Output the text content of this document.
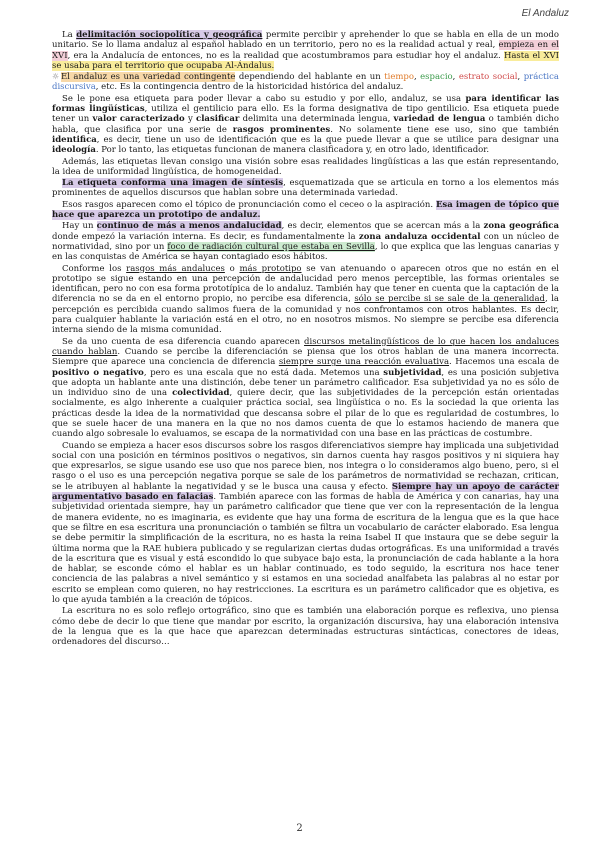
El Andaluz

La delimitación sociopolítica y geográfica permite percibir y aprehender lo que se habla en ella de un modo unitario. Se lo llama andaluz al español hablado en un territorio, pero no es la realidad actual y real, empieza en el XVI, era la Andalucía de entonces, no es la realidad que acostumbramos para estudiar hoy el andaluz. Hasta el XVI se usaba para el territorio que ocupaba Al-Ándalus.

☼ El andaluz es una variedad contingente dependiendo del hablante en un tiempo, espacio, estrato social, práctica discursiva, etc. Es la contingencia dentro de la historicidad histórica del andaluz.

Se le pone esa etiqueta para poder llevar a cabo su estudio y por ello, andaluz, se usa para identificar las formas lingüísticas, utiliza el gentilicio para ello. Es la forma designativa de tipo gentilicio. Esa etiqueta puede tener un valor caracterizado y clasificar delimita una determinada lengua, variedad de lengua o también dicho habla, que clasifica por una serie de rasgos prominentes. No solamente tiene ese uso, sino que también identifica, es decir, tiene un uso de identificación que es la que puede llevar a que se utilice para designar una ideología. Por lo tanto, las etiquetas funcionan de manera clasificadora y, en otro lado, identificador.

Además, las etiquetas llevan consigo una visión sobre esas realidades lingüísticas a las que están representando, la idea de uniformidad lingüística, de homogeneidad.

La etiqueta conforma una imagen de síntesis, esquematizada que se articula en torno a los elementos más prominentes de aquellos discursos que hablan sobre una determinada variedad.

Esos rasgos aparecen como el tópico de pronunciación como el ceceo o la aspiración. Esa imagen de tópico que hace que aparezca un prototipo de andaluz.

Hay un continuo de más a menos andalucidad, es decir, elementos que se acercan más a la zona geográfica donde empezó la variación interna. Es decir, es fundamentalmente la zona andaluza occidental con un núcleo de normatividad, sino por un foco de radiación cultural que estaba en Sevilla, lo que explica que las lenguas canarias y en las conquistas de América se hayan contagiado esos hábitos.

Conforme los rasgos más andaluces o más prototipo se van atenuando o aparecen otros que no están en el prototipo se sigue estando en una percepción de andalucidad pero menos perceptible, las formas orientales se identifican, pero no con esa forma prototípica de lo andaluz. También hay que tener en cuenta que la captación de la diferencia no se da en el entorno propio, no percibe esa diferencia, sólo se percibe si se sale de la generalidad, la percepción es percibida cuando salimos fuera de la comunidad y nos confrontamos con otros hablantes. Es decir, para cualquier hablante la variación está en el otro, no en nosotros mismos. No siempre se percibe esa diferencia interna siendo de la misma comunidad.

Se da uno cuenta de esa diferencia cuando aparecen discursos metalingüísticos de lo que hacen los andaluces cuando hablan. Cuando se percibe la diferenciación se piensa que los otros hablan de una manera incorrecta. Siempre que aparece una conciencia de diferencia siempre surge una reacción evaluativa. Hacemos una escala de positivo o negativo, pero es una escala que no está dada. Metemos una subjetividad, es una posición subjetiva que adopta un hablante ante una distinción, debe tener un parámetro calificador. Esa subjetividad ya no es sólo de un individuo sino de una colectividad, quiere decir, que las subjetividades de la percepción están orientadas socialmente, es algo inherente a cualquier práctica social, sea lingüística o no. Es la sociedad la que orienta las prácticas desde la idea de la normatividad que descansa sobre el pilar de lo que es regularidad de costumbres, lo que se suele hacer de una manera en la que no nos damos cuenta de que lo estamos haciendo de manera que cuando algo sobresale lo evaluamos, se escapa de la normatividad con una base en las prácticas de costumbre.

Cuando se empieza a hacer esos discursos sobre los rasgos diferenciativos siempre hay implicada una subjetividad social con una posición en términos positivos o negativos, sin darnos cuenta hay rasgos positivos y ni siquiera hay que expresarlos, se sigue usando ese uso que nos parece bien, nos integra o lo consideramos algo bueno, pero, si el rasgo o el uso es una percepción negativa porque se sale de los parámetros de normatividad se rechazan, critican, se le atribuyen al hablante la negatividad y se le busca una causa y efecto. Siempre hay un apoyo de carácter argumentativo basado en falacias. También aparece con las formas de habla de América y con canarias, hay una subjetividad orientada siempre, hay un parámetro calificador que tiene que ver con la representación de la lengua de manera evidente, no es imaginaria, es evidente que hay una forma de escritura de la lengua que es la que hace que se filtre en esa escritura una pronunciación o también se filtra un vocabulario de carácter elaborado. Esa lengua se debe permitir la simplificación de la escritura, no es hasta la reina Isabel II que instaura que se debe seguir la última norma que la RAE hubiera publicado y se regularizan ciertas dudas ortográficas. Es una uniformidad a través de la escritura que es visual y está escondido lo que subyace bajo esta, la pronunciación de cada hablante a la hora de hablar, se esconde cómo el hablar es un hablar continuado, es todo seguido, la escritura nos hace tener conciencia de las palabras a nivel semántico y si estamos en una sociedad analfabeta las palabras al no estar por escrito se emplean como quieren, no hay restricciones. La escritura es un parámetro calificador que es objetiva, es lo que ayuda también a la creación de tópicos.

La escritura no es solo reflejo ortográfico, sino que es también una elaboración porque es reflexiva, uno piensa cómo debe de decir lo que tiene que mandar por escrito, la organización discursiva, hay una elaboración intensiva de la lengua que es la que hace que aparezcan determinadas estructuras sintácticas, conectores de ideas, ordenadores del discurso…

2
